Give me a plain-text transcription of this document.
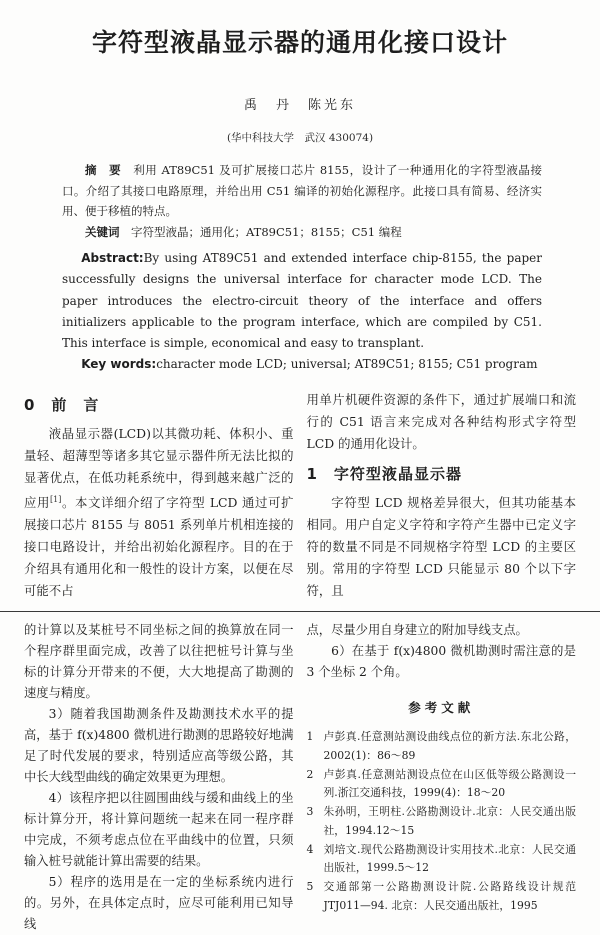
字符型液晶显示器的通用化接口设计
禹　丹　陈光东
(华中科技大学　武汉 430074)

摘　要　利用 AT89C51 及可扩展接口芯片 8155，设计了一种通用化的字符型液晶接口。介绍了其接口电路原理，并给出用 C51 编译的初始化源程序。此接口具有简易、经济实用、便于移植的特点。

关键词　字符型液晶；通用化；AT89C51；8155；C51 编程

Abstract:By using AT89C51 and extended interface chip-8155, the paper successfully designs the universal interface for character mode LCD. The paper introduces the electro-circuit theory of the interface and offers initializers applicable to the program interface, which are compiled by C51. This interface is simple, economical and easy to transplant.

Key words:character mode LCD; universal; AT89C51; 8155; C51 program

0　前　言

液晶显示器(LCD)以其微功耗、体积小、重量轻、超薄型等诸多其它显示器件所无法比拟的显著优点，在低功耗系统中，得到越来越广泛的应用[1]。本文详细介绍了字符型 LCD 通过可扩展接口芯片 8155 与 8051 系列单片机相连接的接口电路设计，并给出初始化源程序。目的在于介绍具有通用化和一般性的设计方案，以便在尽可能不占

用单片机硬件资源的条件下，通过扩展端口和流行的 C51 语言来完成对各种结构形式字符型 LCD 的通用化设计。

1　字符型液晶显示器

字符型 LCD 规格差异很大，但其功能基本相同。用户自定义字符和字符产生器中已定义字符的数量不同是不同规格字符型 LCD 的主要区别。常用的字符型 LCD 只能显示 80 个以下字符，且

的计算以及某桩号不同坐标之间的换算放在同一个程序群里面完成，改善了以往把桩号计算与坐标的计算分开带来的不便，大大地提高了勘测的速度与精度。

3）随着我国勘测条件及勘测技术水平的提高，基于 f(x)4800 微机进行勘测的思路较好地满足了时代发展的要求，特别适应高等级公路，其中长大线型曲线的确定效果更为理想。

4）该程序把以往圆围曲线与缓和曲线上的坐标计算分开，将计算问题统一起来在同一程序群中完成，不须考虑点位在平曲线中的位置，只须输入桩号就能计算出需要的结果。

5）程序的选用是在一定的坐标系统内进行的。另外，在具体定点时，应尽可能利用已知导线

点，尽量少用自身建立的附加导线支点。

6）在基于 f(x)4800 微机勘测时需注意的是 3 个坐标 2 个角。

参考文献
1 卢彭真.任意测站测设曲线点位的新方法.东北公路，2002(1)：86～89
2 卢彭真.任意测站测设点位在山区低等级公路测设一列.浙江交通科技，1999(4)：18～20
3 朱孙明，王明柱.公路勘测设计.北京：人民交通出版社，1994.12～15
4 刘培文.现代公路勘测设计实用技术.北京：人民交通出版社，1999.5～12
5 交通部第一公路勘测设计院.公路路线设计规范 JTJ011—94. 北京：人民交通出版社，1995
